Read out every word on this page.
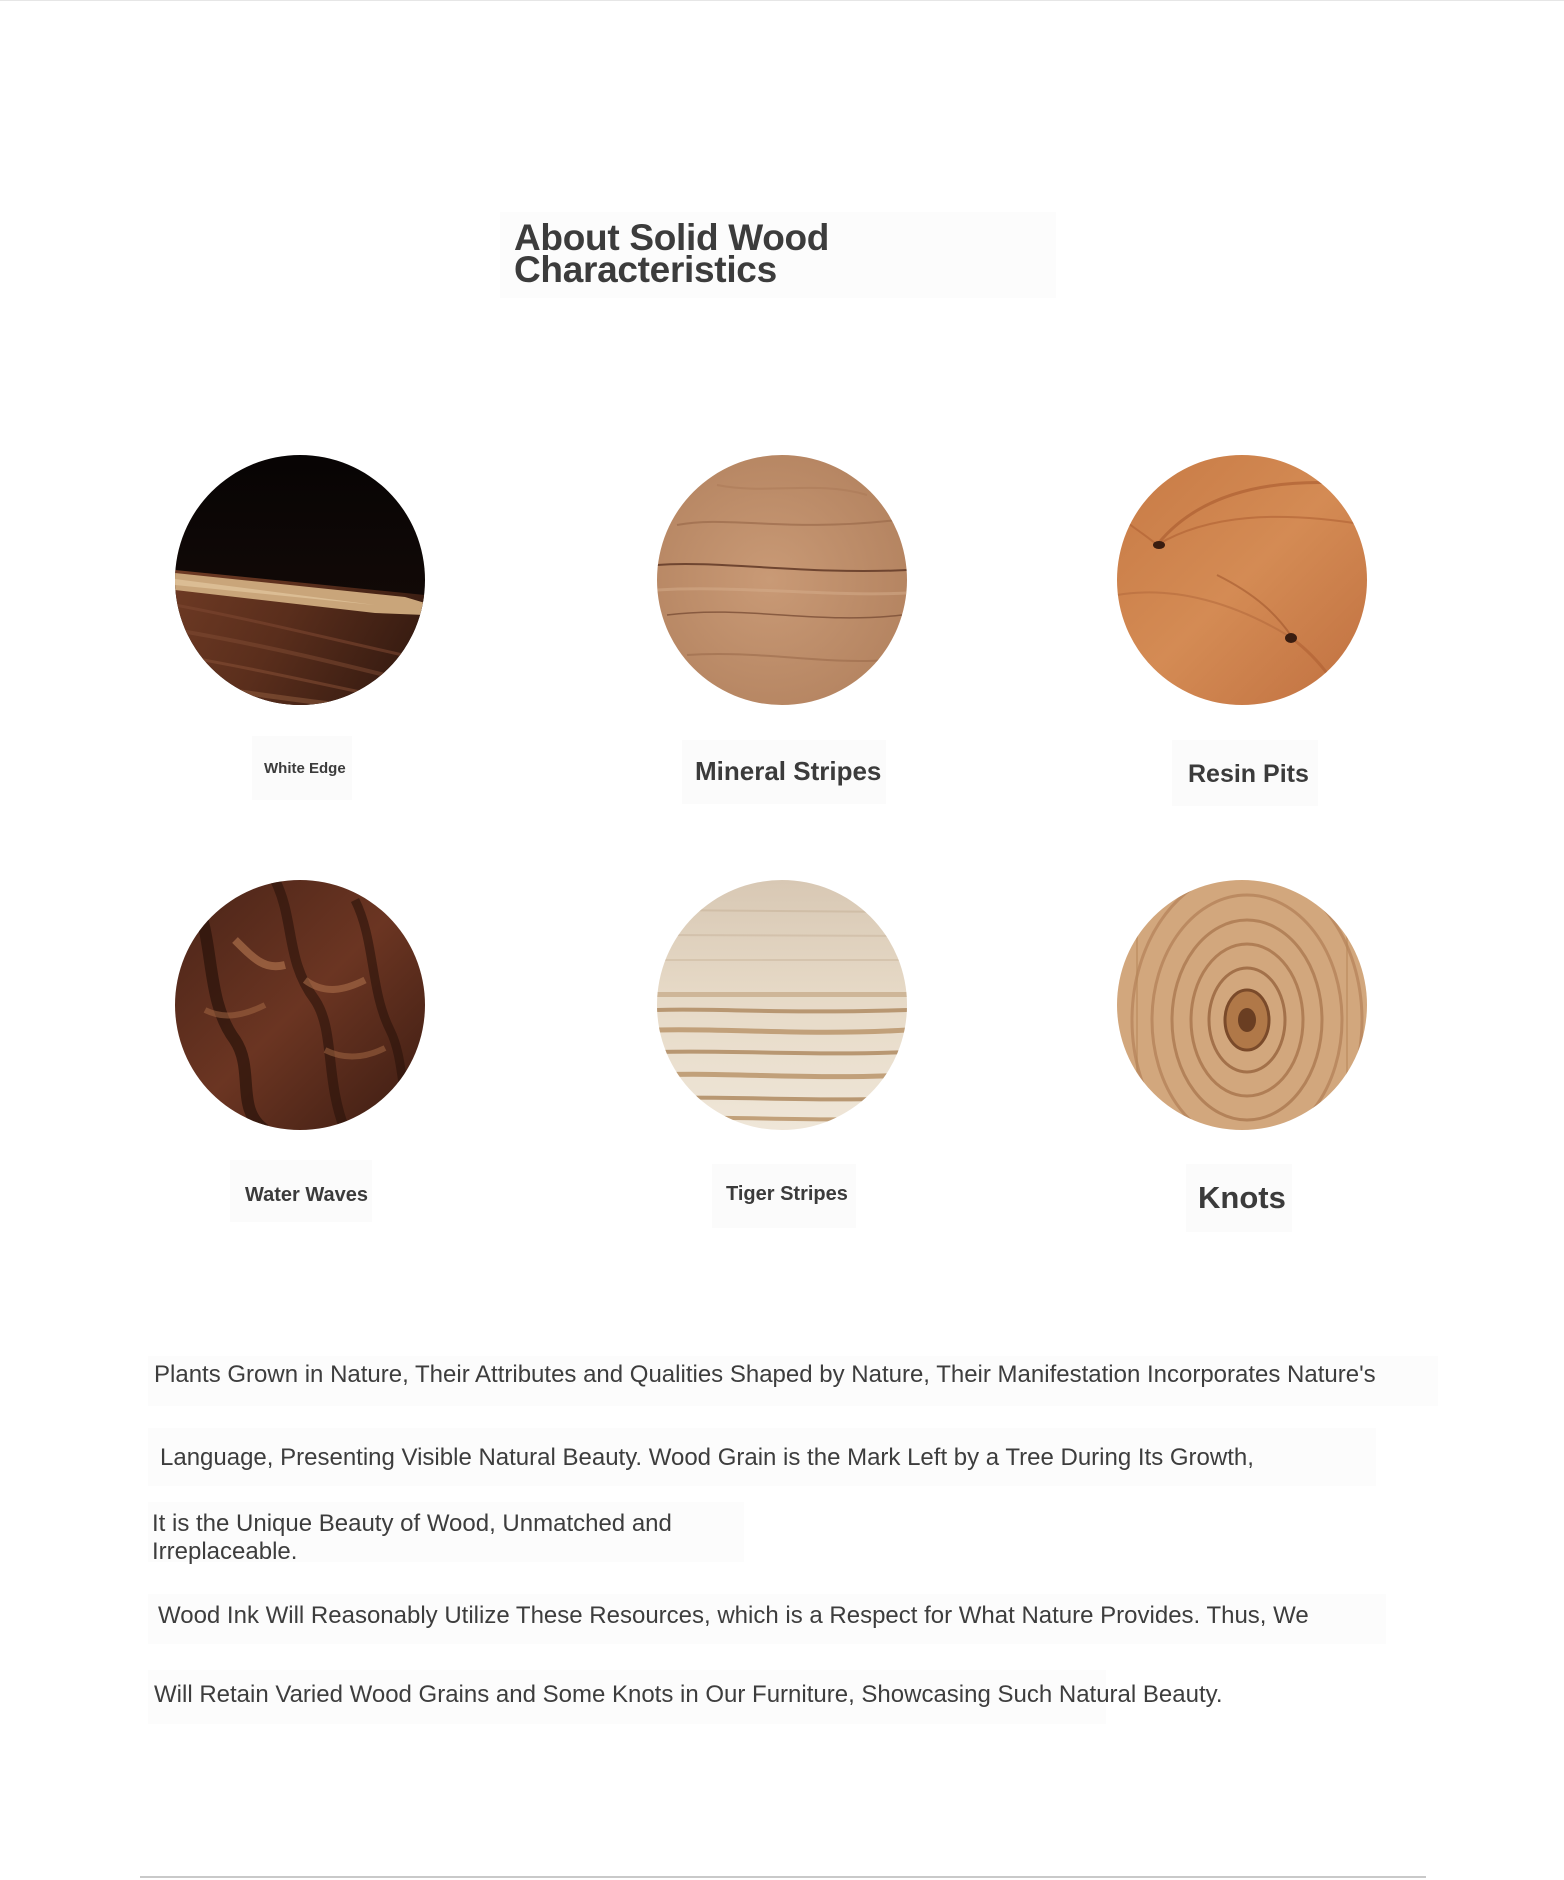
About Solid Wood
Characteristics
White Edge	Mineral Stripes	Resin Pits
Water Waves	Tiger Stripes	Knots

Plants Grown in Nature, Their Attributes and Qualities Shaped by Nature, Their Manifestation Incorporates Nature's

Language, Presenting Visible Natural Beauty. Wood Grain is the Mark Left by a Tree During Its Growth,

It is the Unique Beauty of Wood, Unmatched and

Irreplaceable.

Wood Ink Will Reasonably Utilize These Resources, which is a Respect for What Nature Provides. Thus, We

Will Retain Varied Wood Grains and Some Knots in Our Furniture, Showcasing Such Natural Beauty.
